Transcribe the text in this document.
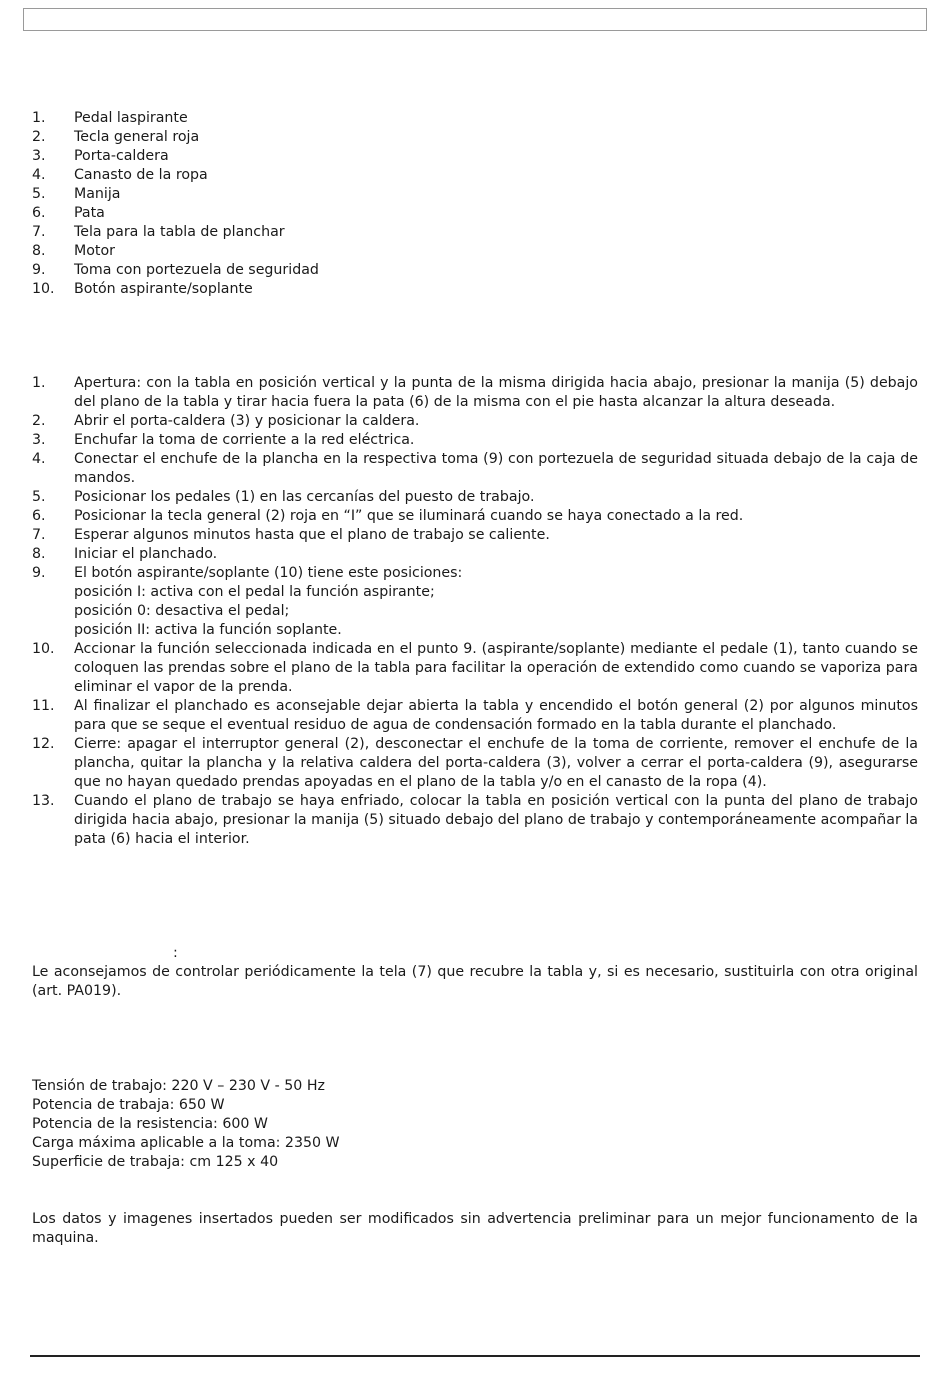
1.	Pedal laspirante
2.	Tecla general roja
3.	Porta-caldera
4.	Canasto de la ropa
5.	Manija
6.	Pata
7.	Tela para la tabla de planchar
8.	Motor
9.	Toma con portezuela de seguridad
10.	Botón aspirante/soplante
1.	Apertura: con la tabla en posición vertical y la punta de la misma dirigida hacia abajo, presionar la manija (5) debajo del plano de la tabla y tirar hacia fuera la pata (6) de la misma con el pie hasta alcanzar la altura deseada.
2.	Abrir el porta-caldera (3) y posicionar la caldera.
3.	Enchufar la toma de corriente a la red eléctrica.
4.	Conectar el enchufe de la plancha en la respectiva toma (9) con portezuela de seguridad situada debajo de la caja de mandos.
5.	Posicionar los pedales (1) en las cercanías del puesto de trabajo.
6.	Posicionar la tecla general (2) roja en “I” que se iluminará cuando se haya conectado a la red.
7.	Esperar algunos minutos hasta que el plano de trabajo se caliente.
8.	Iniciar el planchado.
9.	El botón aspirante/soplante (10) tiene este posiciones:
posición I: activa con el pedal la función aspirante;
posición 0: desactiva el pedal;
posición II: activa la función soplante.
10.	Accionar la función seleccionada indicada en el punto 9. (aspirante/soplante) mediante el pedale (1), tanto cuando se coloquen las prendas sobre el plano de la tabla para facilitar la operación de extendido como cuando se vaporiza para eliminar el vapor de la prenda.
11.	Al finalizar el planchado es aconsejable dejar abierta la tabla y encendido el botón general (2) por algunos minutos para que se seque el eventual residuo de agua de condensación formado en la tabla durante el planchado.
12.	Cierre: apagar el interruptor general (2), desconectar el enchufe de la toma de corriente, remover el enchufe de la plancha, quitar la plancha y la relativa caldera del porta-caldera (3), volver a cerrar el porta-caldera (9), asegurarse que no hayan quedado prendas apoyadas en el plano de la tabla y/o en el canasto de la ropa (4).
13.	Cuando el plano de trabajo se haya enfriado, colocar la tabla en posición vertical con la punta del plano de trabajo dirigida hacia abajo, presionar la manija (5) situado debajo del plano de trabajo y contemporáneamente acompañar la pata (6) hacia el interior.
:

Le aconsejamos de controlar periódicamente la tela (7) que recubre la tabla y, si es necesario, sustituirla con otra original (art. PA019).

Tensión de trabajo: 220 V – 230 V - 50 Hz
Potencia de trabaja: 650 W
Potencia de la resistencia: 600 W
Carga máxima aplicable a la toma: 2350 W
Superficie de trabaja: cm 125 x 40

Los datos y imagenes insertados pueden ser modificados sin advertencia preliminar para un mejor funcionamento de la maquina.
